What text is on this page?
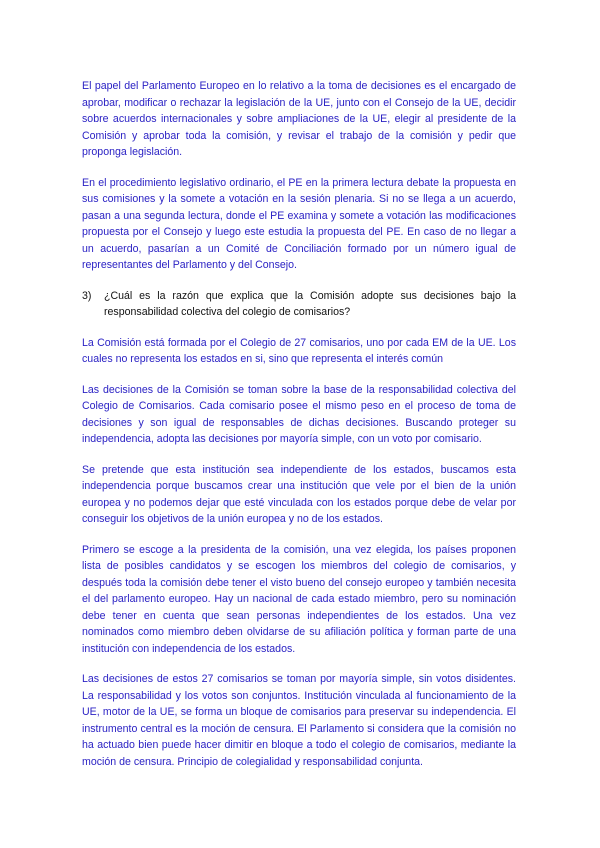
El papel del Parlamento Europeo en lo relativo a la toma de decisiones es el encargado de aprobar, modificar o rechazar la legislación de la UE, junto con el Consejo de la UE, decidir sobre acuerdos internacionales y sobre ampliaciones de la UE, elegir al presidente de la Comisión y aprobar toda la comisión, y revisar el trabajo de la comisión y pedir que proponga legislación.

En el procedimiento legislativo ordinario, el PE en la primera lectura debate la propuesta en sus comisiones y la somete a votación en la sesión plenaria. Si no se llega a un acuerdo, pasan a una segunda lectura, donde el PE examina y somete a votación las modificaciones propuesta por el Consejo y luego este estudia la propuesta del PE. En caso de no llegar a un acuerdo, pasarían a un Comité de Conciliación formado por un número igual de representantes del Parlamento y del Consejo.

3)	¿Cuál es la razón que explica que la Comisión adopte sus decisiones bajo la responsabilidad colectiva del colegio de comisarios?

La Comisión está formada por el Colegio de 27 comisarios, uno por cada EM de la UE. Los cuales no representa los estados en si, sino que representa el interés común

Las decisiones de la Comisión se toman sobre la base de la responsabilidad colectiva del Colegio de Comisarios. Cada comisario posee el mismo peso en el proceso de toma de decisiones y son igual de responsables de dichas decisiones. Buscando proteger su independencia, adopta las decisiones por mayoría simple, con un voto por comisario.

Se pretende que esta institución sea independiente de los estados, buscamos esta independencia porque buscamos crear una institución que vele por el bien de la unión europea y no podemos dejar que esté vinculada con los estados porque debe de velar por conseguir los objetivos de la unión europea y no de los estados.

Primero se escoge a la presidenta de la comisión, una vez elegida, los países proponen lista de posibles candidatos y se escogen los miembros del colegio de comisarios, y después toda la comisión debe tener el visto bueno del consejo europeo y también necesita el del parlamento europeo. Hay un nacional de cada estado miembro, pero su nominación debe tener en cuenta que sean personas independientes de los estados. Una vez nominados como miembro deben olvidarse de su afiliación política y forman parte de una institución con independencia de los estados.

Las decisiones de estos 27 comisarios se toman por mayoría simple, sin votos disidentes. La responsabilidad y los votos son conjuntos. Institución vinculada al funcionamiento de la UE, motor de la UE, se forma un bloque de comisarios para preservar su independencia. El instrumento central es la moción de censura. El Parlamento si considera que la comisión no ha actuado bien puede hacer dimitir en bloque a todo el colegio de comisarios, mediante la moción de censura. Principio de colegialidad y responsabilidad conjunta.
